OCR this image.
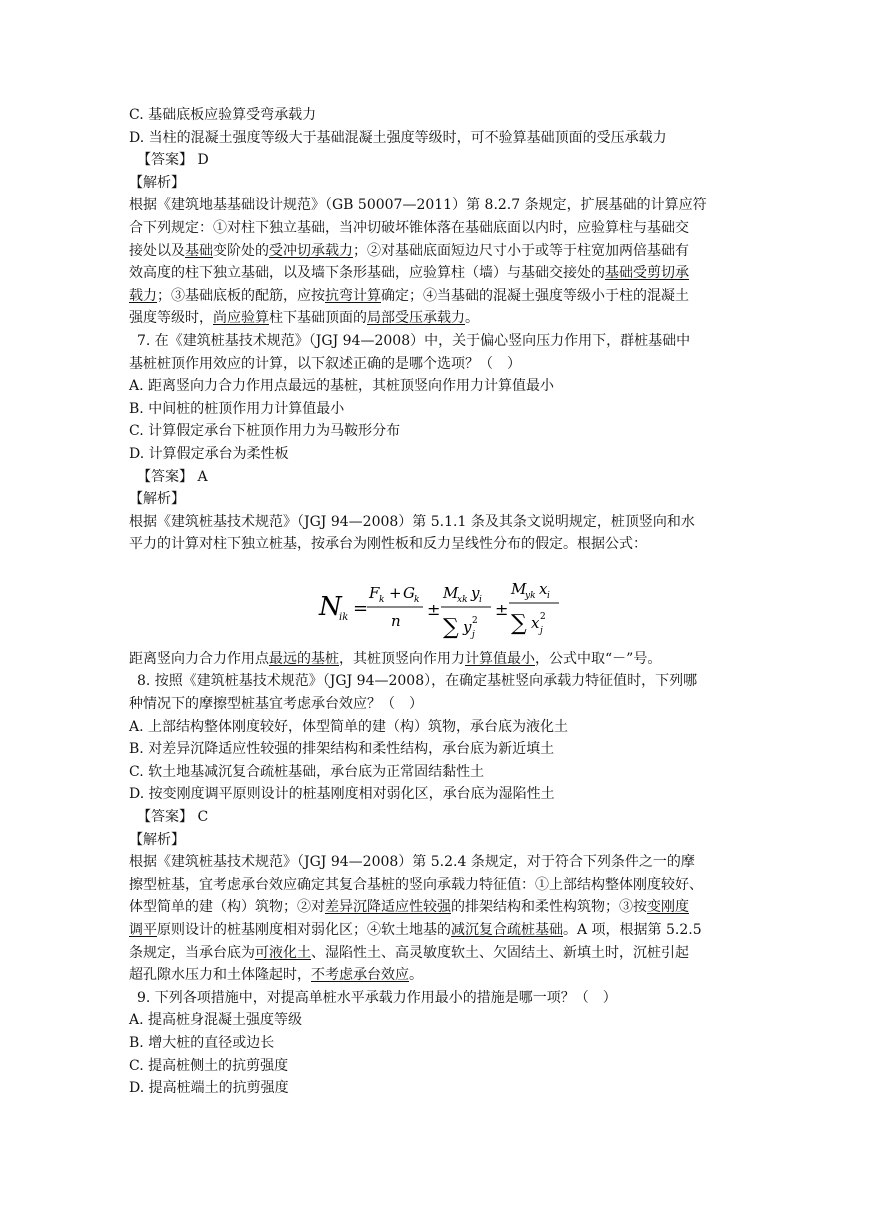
C. 基础底板应验算受弯承载力
D. 当柱的混凝土强度等级大于基础混凝土强度等级时，可不验算基础顶面的受压承载力
【答案】 D
【解析】
根据《建筑地基基础设计规范》（GB 50007—2011）第 8.2.7 条规定，扩展基础的计算应符
合下列规定：①对柱下独立基础，当冲切破坏锥体落在基础底面以内时，应验算柱与基础交
接处以及基础变阶处的受冲切承载力；②对基础底面短边尺寸小于或等于柱宽加两倍基础有
效高度的柱下独立基础，以及墙下条形基础，应验算柱（墙）与基础交接处的基础受剪切承
载力；③基础底板的配筋，应按抗弯计算确定；④当基础的混凝土强度等级小于柱的混凝土
强度等级时，尚应验算柱下基础顶面的局部受压承载力。
7. 在《建筑桩基技术规范》（JGJ 94—2008）中，关于偏心竖向压力作用下，群桩基础中
基桩桩顶作用效应的计算，以下叙述正确的是哪个选项？（　）
A. 距离竖向力合力作用点最远的基桩，其桩顶竖向作用力计算值最小
B. 中间桩的桩顶作用力计算值最小
C. 计算假定承台下桩顶作用力为马鞍形分布
D. 计算假定承台为柔性板
【答案】 A
【解析】
根据《建筑桩基技术规范》（JGJ 94—2008）第 5.1.1 条及其条文说明规定，桩顶竖向和水
平力的计算对柱下独立桩基，按承台为刚性板和反力呈线性分布的假定。根据公式：
N
ik =
F k + G k
n
±
M
xk y i
∑ y 2
j
±
M
yk x i
∑ x 2
j
距离竖向力合力作用点最远的基桩，其桩顶竖向作用力计算值最小，公式中取“－”号。
8. 按照《建筑桩基技术规范》（JGJ 94—2008），在确定基桩竖向承载力特征值时，下列哪
种情况下的摩擦型桩基宜考虑承台效应？（　）
A. 上部结构整体刚度较好，体型简单的建（构）筑物，承台底为液化土
B. 对差异沉降适应性较强的排架结构和柔性结构，承台底为新近填土
C. 软土地基减沉复合疏桩基础，承台底为正常固结黏性土
D. 按变刚度调平原则设计的桩基刚度相对弱化区，承台底为湿陷性土
【答案】 C
【解析】
根据《建筑桩基技术规范》（JGJ 94—2008）第 5.2.4 条规定，对于符合下列条件之一的摩
擦型桩基，宜考虑承台效应确定其复合基桩的竖向承载力特征值：①上部结构整体刚度较好、
体型简单的建（构）筑物；②对差异沉降适应性较强的排架结构和柔性构筑物；③按变刚度
调平原则设计的桩基刚度相对弱化区；④软土地基的减沉复合疏桩基础。A 项，根据第 5.2.5
条规定，当承台底为可液化土、湿陷性土、高灵敏度软土、欠固结土、新填土时，沉桩引起
超孔隙水压力和土体隆起时，不考虑承台效应。
9. 下列各项措施中，对提高单桩水平承载力作用最小的措施是哪一项？（　）
A. 提高桩身混凝土强度等级
B. 增大桩的直径或边长
C. 提高桩侧土的抗剪强度
D. 提高桩端土的抗剪强度
